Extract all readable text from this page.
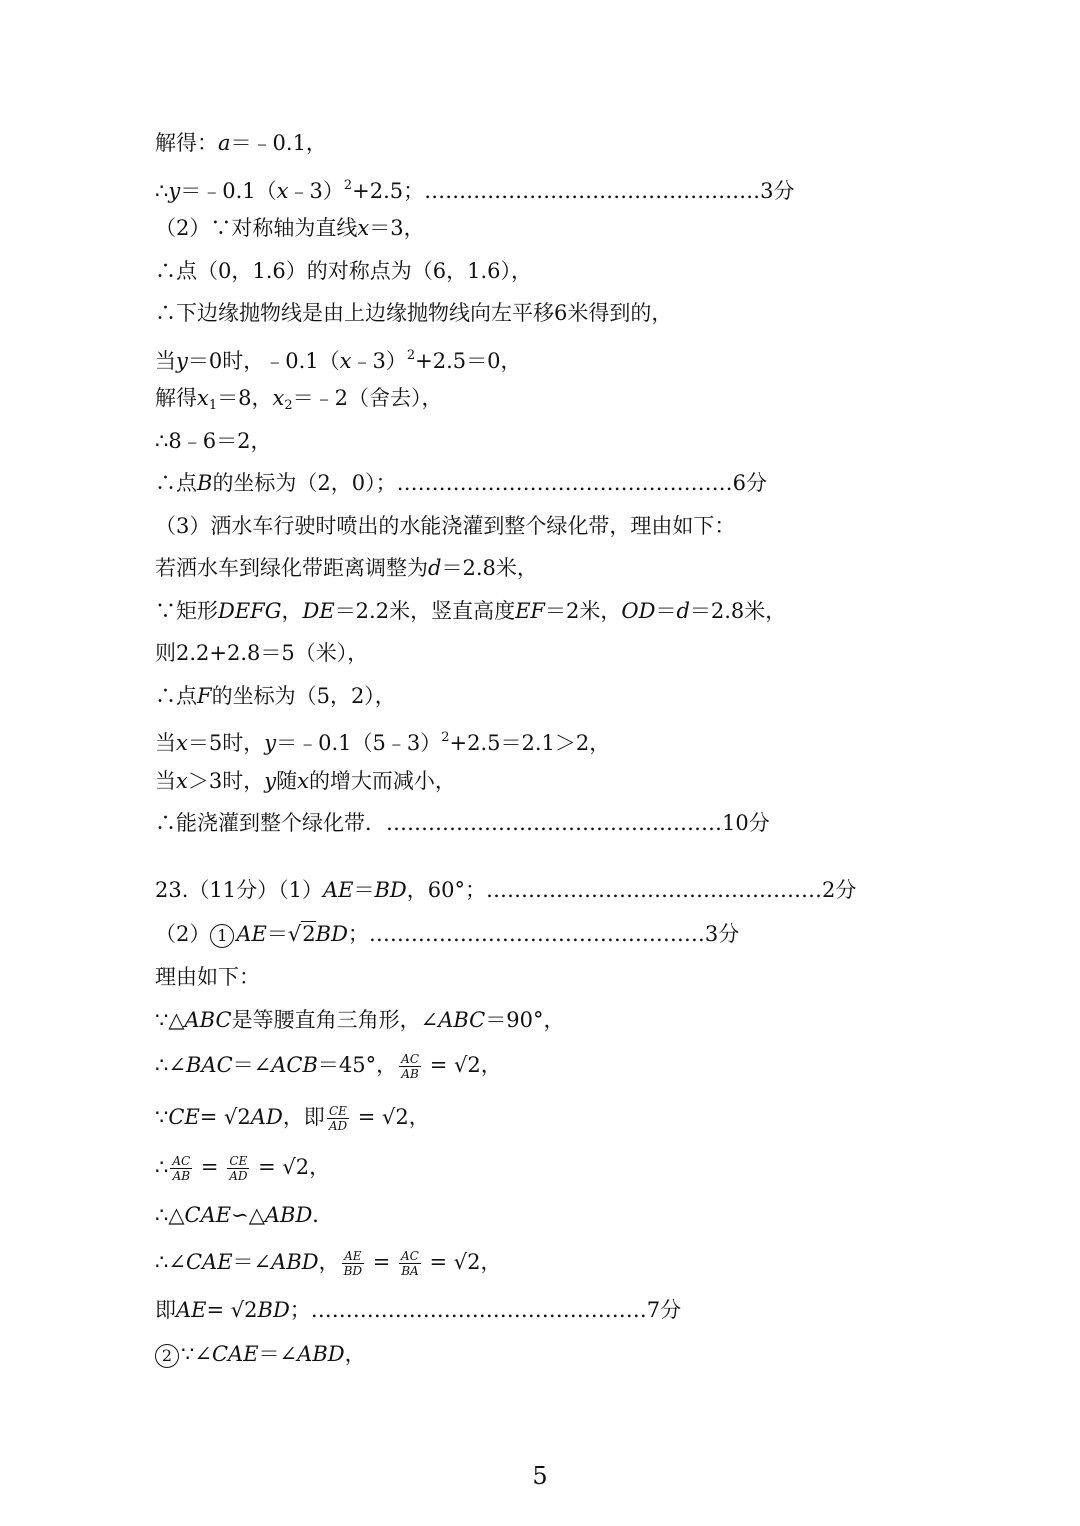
解得：a＝﹣0.1，
∴y＝﹣0.1（x﹣3）$^2$+2.5；…………………………………………3分
（2）∵对称轴为直线x＝3，
∴点（0，1.6）的对称点为（6，1.6），
∴下边缘抛物线是由上边缘抛物线向左平移6米得到的，
当y＝0时，﹣0.1（x﹣3）$^2$+2.5＝0，
解得$x_1=8$，$x_2=﹣2$（舍去），
∴8﹣6＝2，
∴点B的坐标为（2，0）；…………………………………………6分
（3）洒水车行驶时喷出的水能浇灌到整个绿化带，理由如下：
若洒水车到绿化带距离调整为d＝2.8米，
∵矩形DEFG，DE＝2.2米，竖直高度EF＝2米，OD＝d＝2.8米，
则2.2+2.8＝5（米），
∴点F的坐标为（5，2），
当x＝5时，y＝﹣0.1（5﹣3）$^2$+2.5＝2.1＞2，
当x＞3时，y随x的增大而减小，
∴能浇灌到整个绿化带．…………………………………………10分
23.（11分）（1）AE＝BD，60°；…………………………………………2分
（2） 1 AE＝√2BD；…………………………………………3分
理由如下：
∵△ABC是等腰直角三角形，∠ABC＝90°，
∴∠BAC＝∠ACB＝45°， $\frac{AC}{AB} = √2$，
∵CE= √2AD，即 $\frac{CE}{AD} = √2$，
∴ $\frac{AC}{AB} = \frac{CE}{AD} = √2$，
∴△CAE∽△ABD．
∴∠CAE＝∠ABD， $\frac{AE}{BD} = \frac{AC}{BA} = √2$，
即AE= √2BD；…………………………………………7分
2 ∵∠CAE＝∠ABD，
5
